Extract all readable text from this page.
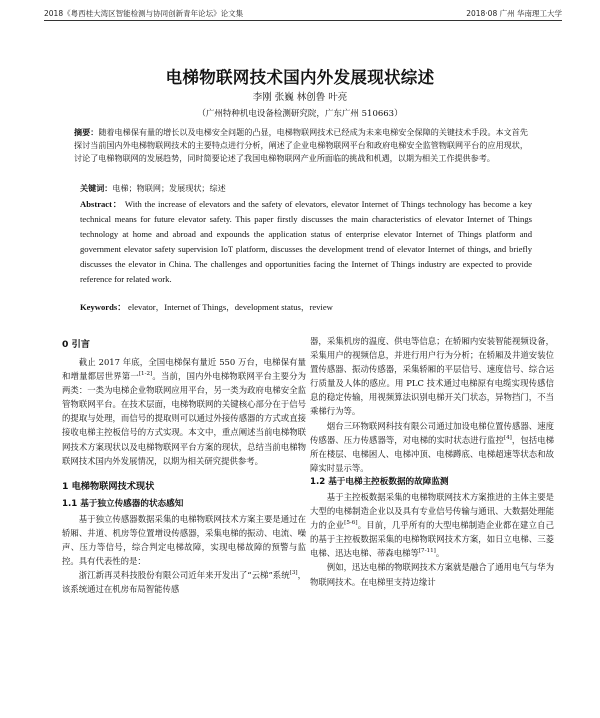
2018《粤西桂大湾区智能检测与协同创新青年论坛》论文集	2018·08 广州 华南理工大学
电梯物联网技术国内外发展现状综述
李刚 张巍 林创鲁 叶亮
（广州特种机电设备检测研究院，广东广州 510663）
摘要：随着电梯保有量的增长以及电梯安全问题的凸显，电梯物联网技术已经成为未来电梯安全保障的关键技术手段。本文首先探讨当前国内外电梯物联网技术的主要特点进行分析，阐述了企业电梯物联网平台和政府电梯安全监管物联网平台的应用现状，讨论了电梯物联网的发展趋势，同时简要论述了我国电梯物联网产业所面临的挑战和机遇，以期为相关工作提供参考。
关键词：电梯；物联网；发展现状；综述
Abstract： With the increase of elevators and the safety of elevators, elevator Internet of Things technology has become a key technical means for future elevator safety. This paper firstly discusses the main characteristics of elevator Internet of Things technology at home and abroad and expounds the application status of enterprise elevator Internet of Things platform and government elevator safety supervision IoT platform, discusses the development trend of elevator Internet of things, and briefly discusses the elevator in China. The challenges and opportunities facing the Internet of Things industry are expected to provide reference for related work.
Keywords： elevator，Internet of Things，development status，review
0 引言

截止 2017 年底，全国电梯保有量近 550 万台，电梯保有量和增量都居世界第一[1-2]。当前，国内外电梯物联网平台主要分为两类：一类为电梯企业物联网应用平台，另一类为政府电梯安全监管物联网平台。在技术层面，电梯物联网的关键核心部分在于信号的提取与处理，而信号的提取则可以通过外接传感器的方式或直接接收电梯主控板信号的方式实现。本文中，重点阐述当前电梯物联网技术方案现状以及电梯物联网平台方案的现状，总结当前电梯物联网技术国内外发展情况，以期为相关研究提供参考。

1 电梯物联网技术现状
1.1 基于独立传感器的状态感知

基于独立传感器数据采集的电梯物联网技术方案主要是通过在轿厢、井道、机房等位置增设传感器，采集电梯的振动、电流、噪声、压力等信号，综合判定电梯故障，实现电梯故障的预警与监控。具有代表性的是：

浙江新再灵科技股份有限公司近年来开发出了“云梯”系统[3]，该系统通过在机房布局智能传感

器，采集机房的温度、供电等信息；在轿厢内安装智能视频设备，采集用户的视频信息，并进行用户行为分析；在轿厢及井道安装位置传感器、振动传感器，采集轿厢的平层信号、速度信号、综合运行质量及人体的感应。用 PLC 技术通过电梯原有电缆实现传感信息的稳定传输，用视频算法识别电梯开关门状态，异物挡门，不当乘梯行为等。

烟台三环物联网科技有限公司通过加设电梯位置传感器、速度传感器、压力传感器等，对电梯的实时状态进行监控[4]，包括电梯所在楼层、电梯困人、电梯冲顶、电梯蹲底、电梯超速等状态和故障实时显示等。

1.2 基于电梯主控板数据的故障监测

基于主控板数据采集的电梯物联网技术方案推进的主体主要是大型的电梯制造企业以及具有专业信号传输与通讯、大数据处理能力的企业[5-6]。目前，几乎所有的大型电梯制造企业都在建立自己的基于主控板数据采集的电梯物联网技术方案，如日立电梯、三菱电梯、迅达电梯、蒂森电梯等[7-11]。

例如，迅达电梯的物联网技术方案就是融合了通用电气与华为物联网技术。在电梯里支持边缘计
